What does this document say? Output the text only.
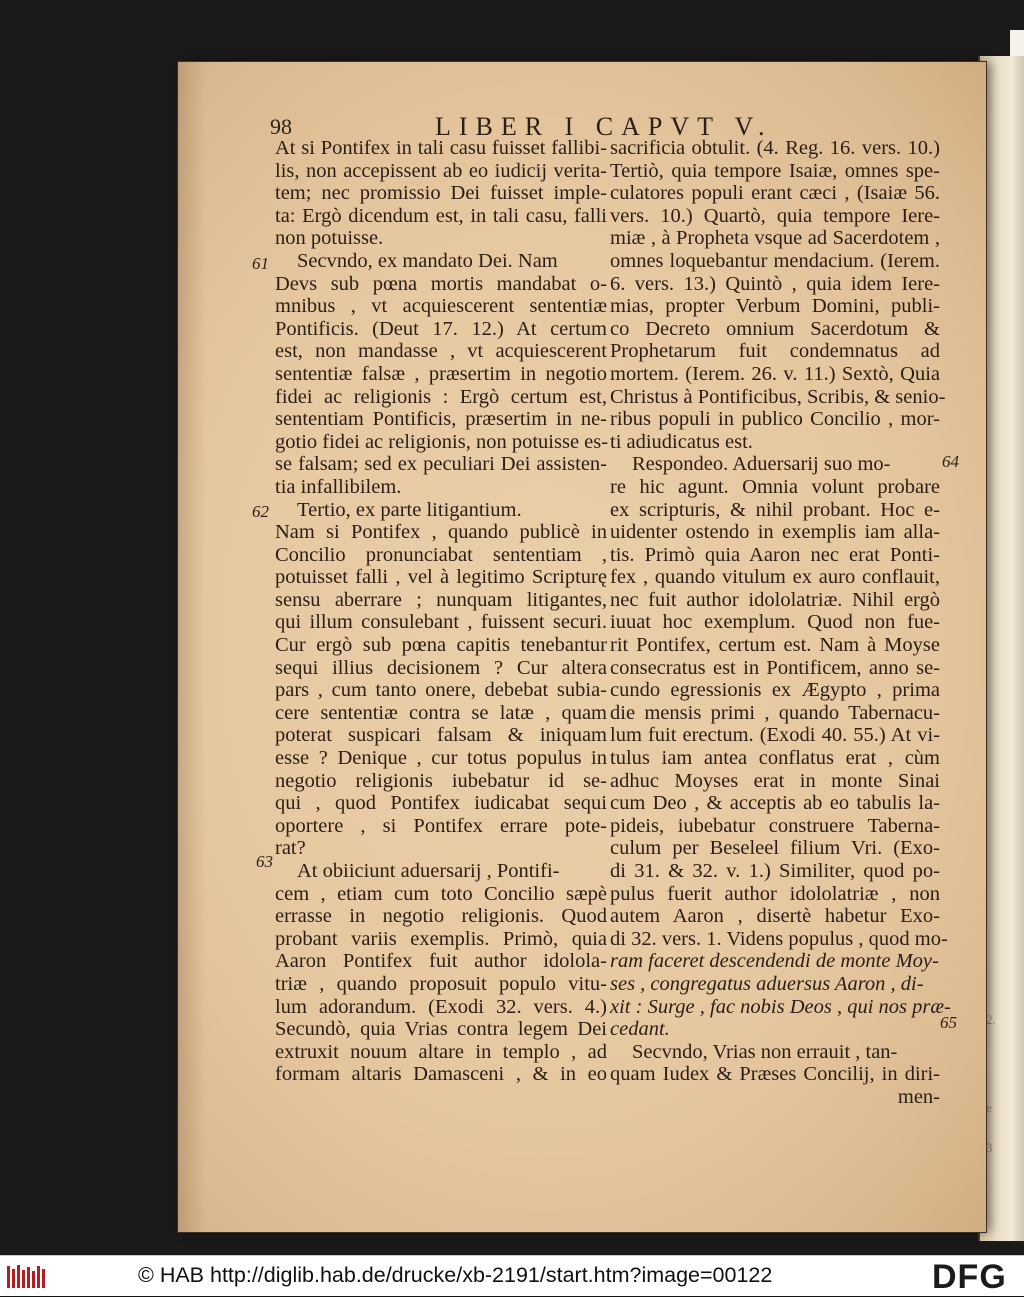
2.
e
3
98	LIBER I CAPVT V.
At si Pontifex in tali casu fuisset fallibi-
lis, non accepissent ab eo iudicij verita-
tem; nec promissio Dei fuisset imple-
ta: Ergò dicendum est, in tali casu, falli
non potuisse.
Secvndo, ex mandato Dei. Nam
Devs sub pœna mortis mandabat o-
mnibus , vt acquiescerent sententiæ
Pontificis. (Deut 17. 12.) At certum
est, non mandasse , vt acquiescerent
sententiæ falsæ , præsertim in negotio
fidei ac religionis : Ergò certum est,
sententiam Pontificis, præsertim in ne-
gotio fidei ac religionis, non potuisse es-
se falsam; sed ex peculiari Dei assisten-
tia infallibilem.
Tertio, ex parte litigantium.
Nam si Pontifex , quando publicè in
Concilio pronunciabat sententiam ,
potuisset falli , vel à legitimo Scripturę
sensu aberrare ; nunquam litigantes,
qui illum consulebant , fuissent securi.
Cur ergò sub pœna capitis tenebantur
sequi illius decisionem ? Cur altera
pars , cum tanto onere, debebat subia-
cere sententiæ contra se latæ , quam
poterat suspicari falsam & iniquam
esse ? Denique , cur totus populus in
negotio religionis iubebatur id se-
qui , quod Pontifex iudicabat sequi
oportere , si Pontifex errare pote-
rat?
At obiiciunt aduersarij , Pontifi-
cem , etiam cum toto Concilio sæpè
errasse in negotio religionis. Quod
probant variis exemplis. Primò, quia
Aaron Pontifex fuit author idolola-
triæ , quando proposuit populo vitu-
lum adorandum. (Exodi 32. vers. 4.)
Secundò, quia Vrias contra legem Dei
extruxit nouum altare in templo , ad
formam altaris Damasceni , & in eo
sacrificia obtulit. (4. Reg. 16. vers. 10.)
Tertiò, quia tempore Isaiæ, omnes spe-
culatores populi erant cæci , (Isaiæ 56.
vers. 10.) Quartò, quia tempore Iere-
miæ , à Propheta vsque ad Sacerdotem ,
omnes loquebantur mendacium. (Ierem.
6. vers. 13.) Quintò , quia idem Iere-
mias, propter Verbum Domini, publi-
co Decreto omnium Sacerdotum &
Prophetarum fuit condemnatus ad
mortem. (Ierem. 26. v. 11.) Sextò, Quia
Christus à Pontificibus, Scribis, & senio-
ribus populi in publico Concilio , mor-
ti adiudicatus est.
Respondeo. Aduersarij suo mo-
re hic agunt. Omnia volunt probare
ex scripturis, & nihil probant. Hoc e-
uidenter ostendo in exemplis iam alla-
tis. Primò quia Aaron nec erat Ponti-
fex , quando vitulum ex auro conflauit,
nec fuit author idololatriæ. Nihil ergò
iuuat hoc exemplum. Quod non fue-
rit Pontifex, certum est. Nam à Moyse
consecratus est in Pontificem, anno se-
cundo egressionis ex Ægypto , prima
die mensis primi , quando Tabernacu-
lum fuit erectum. (Exodi 40. 55.) At vi-
tulus iam antea conflatus erat , cùm
adhuc Moyses erat in monte Sinai
cum Deo , & acceptis ab eo tabulis la-
pideis, iubebatur construere Taberna-
culum per Beseleel filium Vri. (Exo-
di 31. & 32. v. 1.) Similiter, quod po-
pulus fuerit author idololatriæ , non
autem Aaron , disertè habetur Exo-
di 32. vers. 1. Videns populus , quod mo-
ram faceret descendendi de monte Moy-
ses , congregatus aduersus Aaron , di-
xit : Surge , fac nobis Deos , qui nos præ-
cedant.
Secvndo, Vrias non errauit , tan-
quam Iudex & Præses Concilij, in diri-
men-
61
62
63
64
65
© HAB http://diglib.hab.de/drucke/xb-2191/start.htm?image=00122	DFG
